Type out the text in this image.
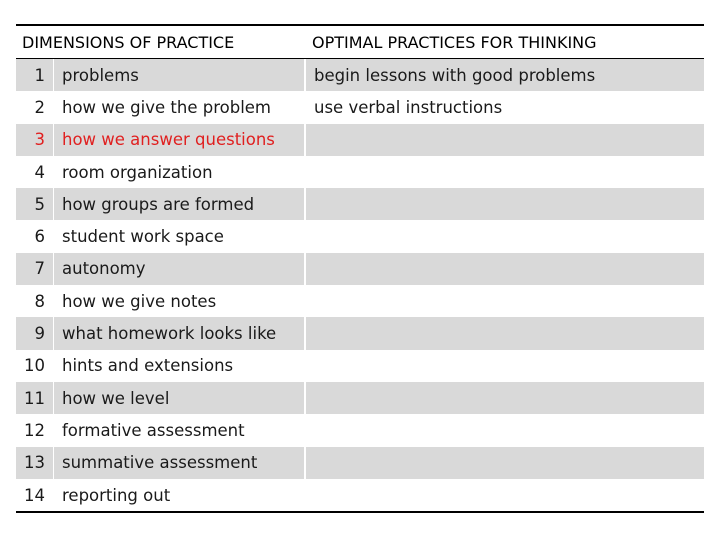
DIMENSIONS OF PRACTICE	OPTIMAL PRACTICES FOR THINKING
1	problems	begin lessons with good problems
2	how we give the problem	use verbal instructions
3	how we answer questions
4	room organization
5	how groups are formed
6	student work space
7	autonomy
8	how we give notes
9	what homework looks like
10	hints and extensions
11	how we level
12	formative assessment
13	summative assessment
14	reporting out
